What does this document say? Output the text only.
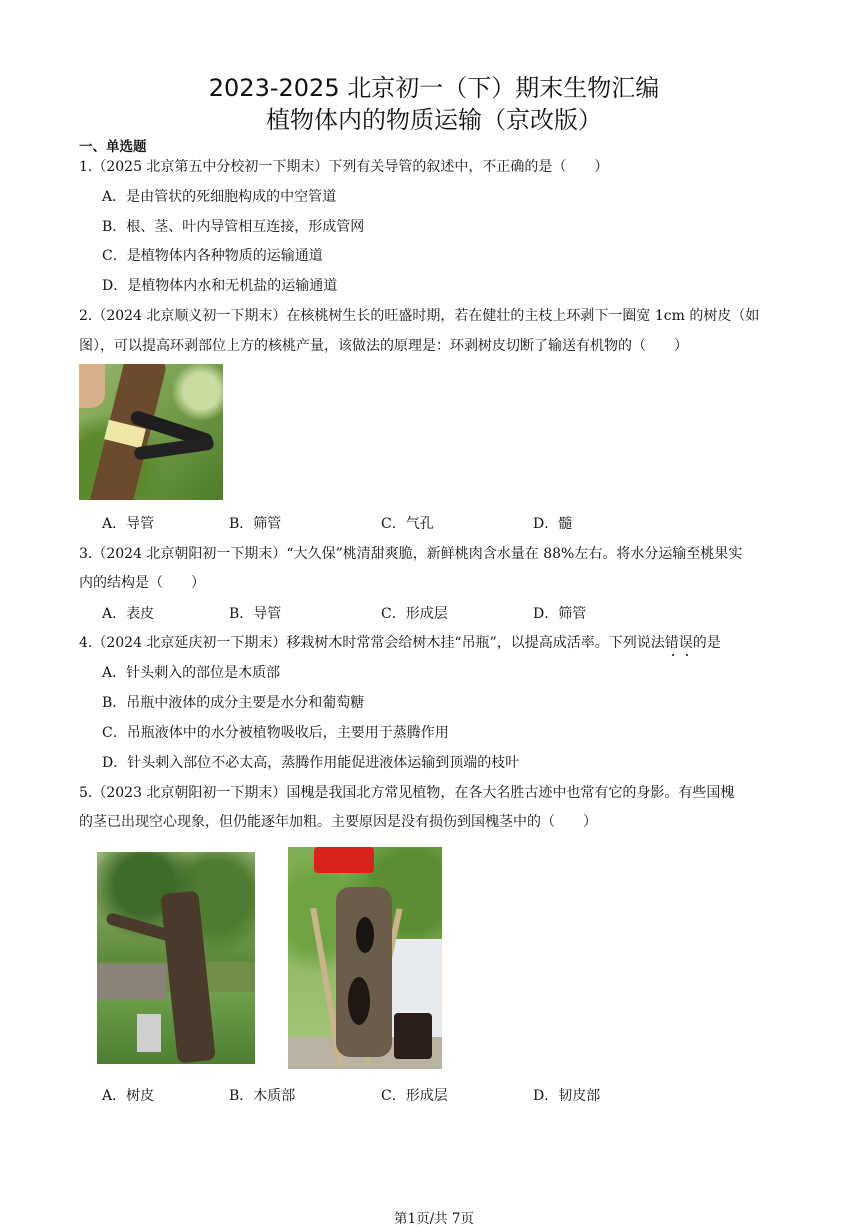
2023-2025 北京初一（下）期末生物汇编
植物体内的物质运输（京改版）
一、单选题
1.（2025 北京第五中分校初一下期末）下列有关导管的叙述中，不正确的是（　　）
A．是由管状的死细胞构成的中空管道
B．根、茎、叶内导管相互连接，形成管网
C．是植物体内各种物质的运输通道
D．是植物体内水和无机盐的运输通道
2.（2024 北京顺义初一下期末）在核桃树生长的旺盛时期，若在健壮的主枝上环剥下一圈宽 1cm 的树皮（如
图），可以提高环剥部位上方的核桃产量，该做法的原理是：环剥树皮切断了输送有机物的（　　）
A．导管	B．筛管	C．气孔	D．髓
3.（2024 北京朝阳初一下期末）“大久保”桃清甜爽脆，新鲜桃肉含水量在 88%左右。将水分运输至桃果实
内的结构是（　　）
A．表皮	B．导管	C．形成层	D．筛管
4.（2024 北京延庆初一下期末）移栽树木时常常会给树木挂“吊瓶”，以提高成活率。下列说法错误的是
A．针头刺入的部位是木质部
B．吊瓶中液体的成分主要是水分和葡萄糖
C．吊瓶液体中的水分被植物吸收后，主要用于蒸腾作用
D．针头刺入部位不必太高，蒸腾作用能促进液体运输到顶端的枝叶
5.（2023 北京朝阳初一下期末）国槐是我国北方常见植物，在各大名胜古迹中也常有它的身影。有些国槐
的茎已出现空心现象，但仍能逐年加粗。主要原因是没有损伤到国槐茎中的（　　）
A．树皮	B．木质部	C．形成层	D．韧皮部
第1页/共 7页
